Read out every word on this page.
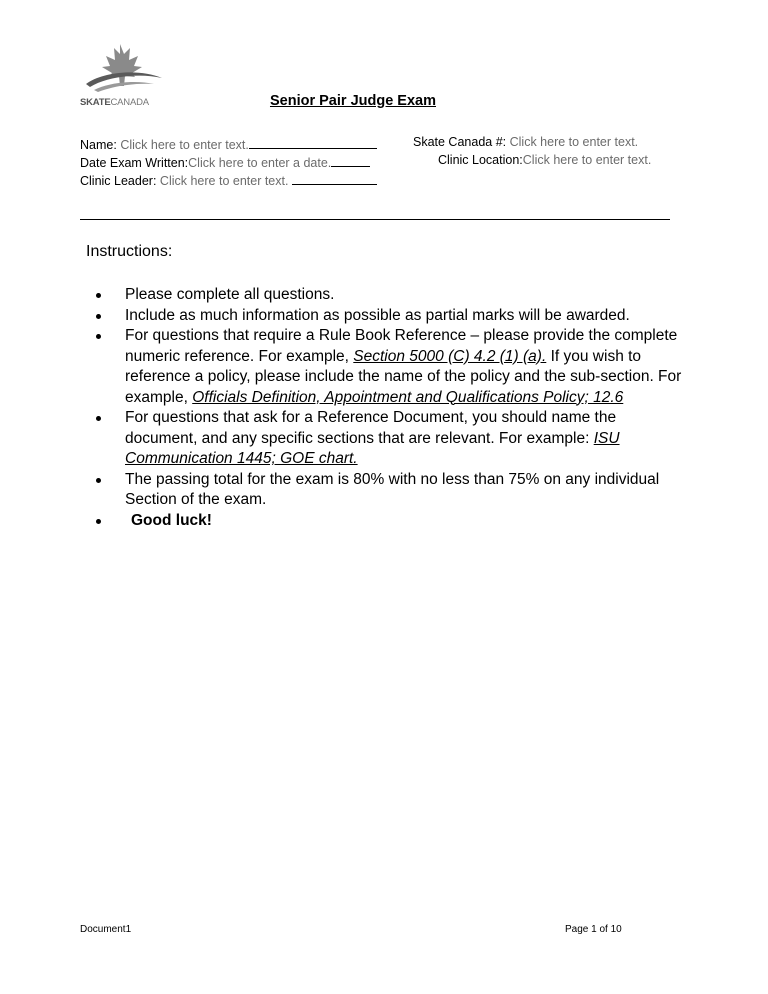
SKATECANADA	Senior Pair Judge Exam
Name: Click here to enter text.	Skate Canada #: Click here to enter text.
Date Exam Written:Click here to enter a date.	Clinic Location:Click here to enter text.
Clinic Leader: Click here to enter text.
Instructions:
Please complete all questions.
Include as much information as possible as partial marks will be awarded.
For questions that require a Rule Book Reference – please provide the complete numeric reference. For example, Section 5000 (C) 4.2 (1) (a). If you wish to reference a policy, please include the name of the policy and the sub-section. For example, Officials Definition, Appointment and Qualifications Policy; 12.6
For questions that ask for a Reference Document, you should name the document, and any specific sections that are relevant. For example: ISU Communication 1445; GOE chart.
The passing total for the exam is 80% with no less than 75% on any individual Section of the exam.
Good luck!
Document1	Page 1 of 10
